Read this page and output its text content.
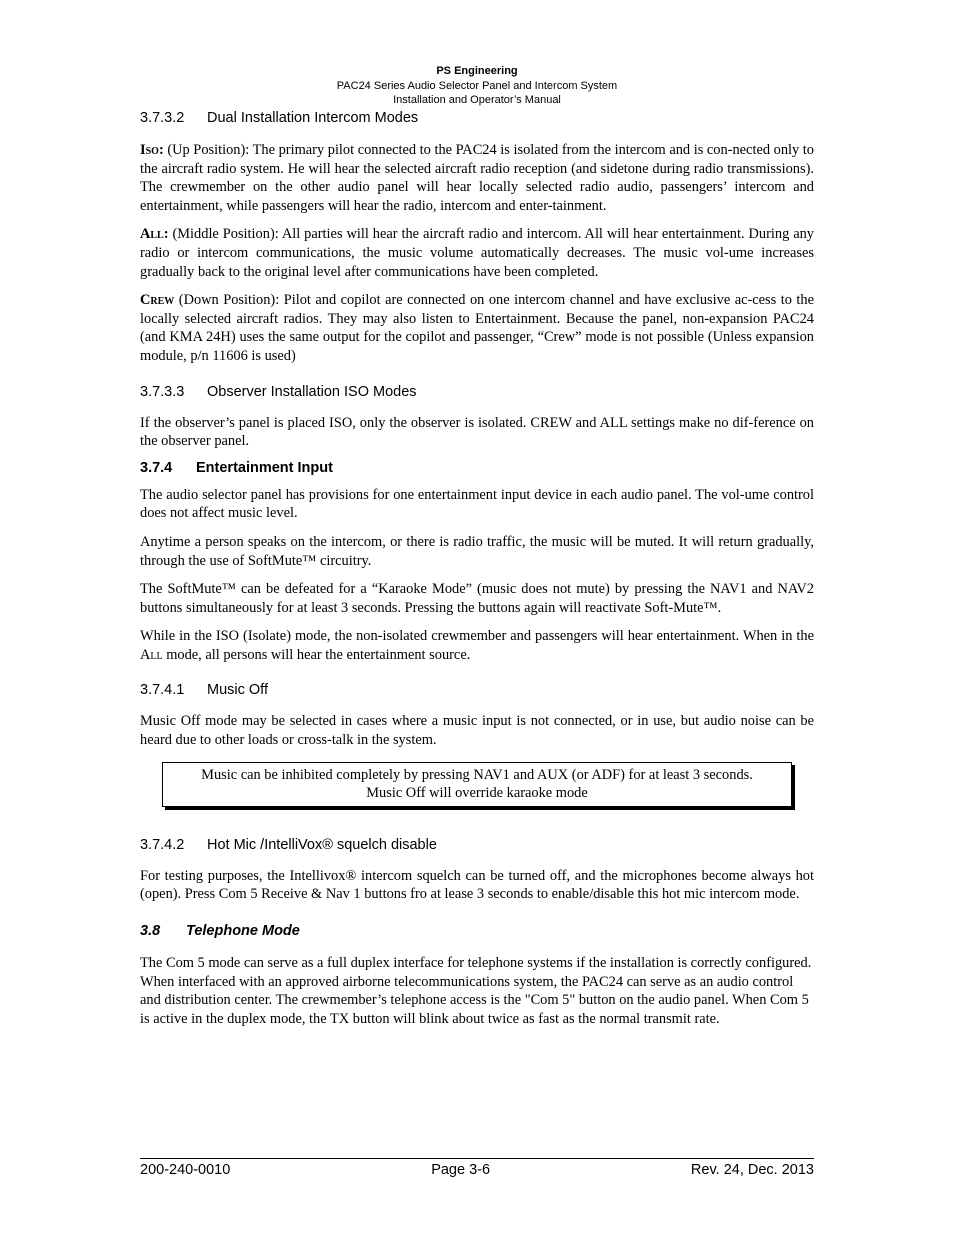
PS Engineering
PAC24 Series Audio Selector Panel and Intercom System
Installation and Operator’s Manual
3.7.3.2	Dual Installation Intercom Modes

Iso: (Up Position): The primary pilot connected to the PAC24 is isolated from the intercom and is con-nected only to the aircraft radio system. He will hear the selected aircraft radio reception (and sidetone during radio transmissions). The crewmember on the other audio panel will hear locally selected radio audio, passengers’ intercom and entertainment, while passengers will hear the radio, intercom and enter-tainment.

All: (Middle Position): All parties will hear the aircraft radio and intercom. All will hear entertainment. During any radio or intercom communications, the music volume automatically decreases. The music vol-ume increases gradually back to the original level after communications have been completed.

Crew (Down Position): Pilot and copilot are connected on one intercom channel and have exclusive ac-cess to the locally selected aircraft radios. They may also listen to Entertainment. Because the panel, non-expansion PAC24 (and KMA 24H) uses the same output for the copilot and passenger, “Crew” mode is not possible (Unless expansion module, p/n 11606 is used)

3.7.3.3	Observer Installation ISO Modes

If the observer’s panel is placed ISO, only the observer is isolated. CREW and ALL settings make no dif-ference on the observer panel.

3.7.4	Entertainment Input

The audio selector panel has provisions for one entertainment input device in each audio panel. The vol-ume control does not affect music level.

Anytime a person speaks on the intercom, or there is radio traffic, the music will be muted. It will return gradually, through the use of SoftMute™ circuitry.

The SoftMute™ can be defeated for a “Karaoke Mode” (music does not mute) by pressing the NAV1 and NAV2 buttons simultaneously for at least 3 seconds. Pressing the buttons again will reactivate Soft-Mute™.

While in the ISO (Isolate) mode, the non-isolated crewmember and passengers will hear entertainment. When in the All mode, all persons will hear the entertainment source.

3.7.4.1	Music Off

Music Off mode may be selected in cases where a music input is not connected, or in use, but audio noise can be heard due to other loads or cross-talk in the system.

Music can be inhibited completely by pressing NAV1 and AUX (or ADF) for at least 3 seconds.
Music Off will override karaoke mode
3.7.4.2	Hot Mic /IntelliVox® squelch disable

For testing purposes, the Intellivox® intercom squelch can be turned off, and the microphones become always hot (open). Press Com 5 Receive & Nav 1 buttons fro at lease 3 seconds to enable/disable this hot mic intercom mode.

3.8	Telephone Mode

The Com 5 mode can serve as a full duplex interface for telephone systems if the installation is correctly configured. When interfaced with an approved airborne telecommunications system, the PAC24 can serve as an audio control and distribution center. The crewmember’s telephone access is the "Com 5" button on the audio panel. When Com 5 is active in the duplex mode, the TX button will blink about twice as fast as the normal transmit rate.

200-240-0010	Page 3-6	Rev. 24, Dec. 2013
